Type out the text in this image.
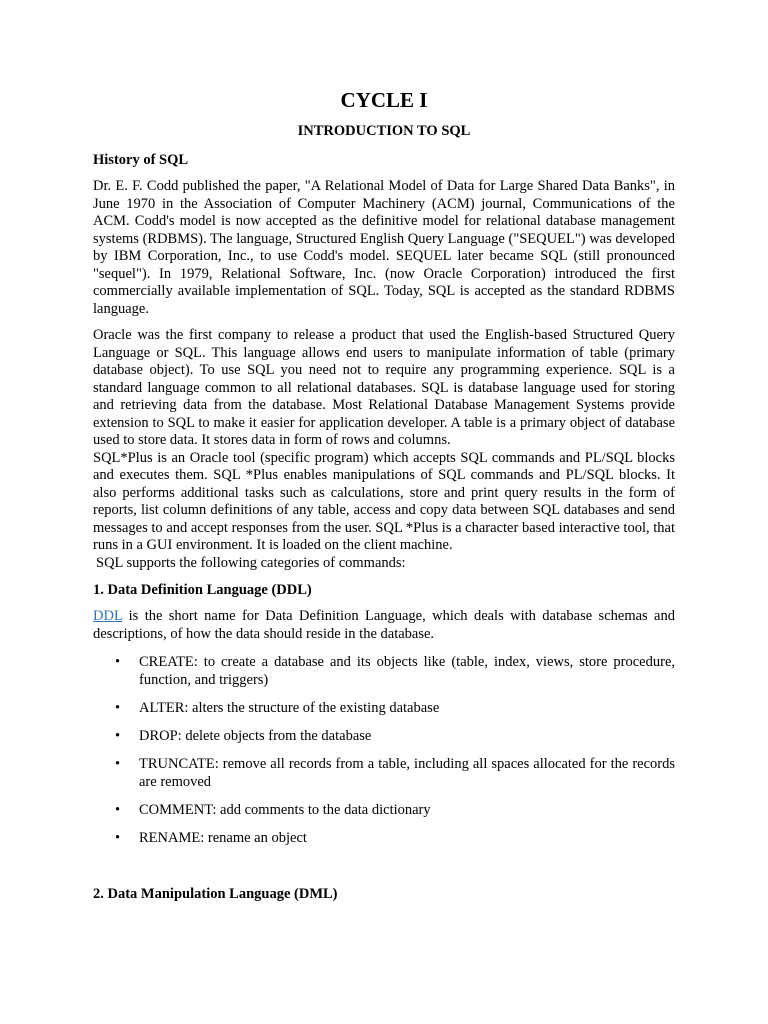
CYCLE I
INTRODUCTION TO SQL
History of SQL

Dr. E. F. Codd published the paper, "A Relational Model of Data for Large Shared Data Banks", in June 1970 in the Association of Computer Machinery (ACM) journal, Communications of the ACM. Codd's model is now accepted as the definitive model for relational database management systems (RDBMS). The language, Structured English Query Language ("SEQUEL") was developed by IBM Corporation, Inc., to use Codd's model. SEQUEL later became SQL (still pronounced "sequel"). In 1979, Relational Software, Inc. (now Oracle Corporation) introduced the first commercially available implementation of SQL. Today, SQL is accepted as the standard RDBMS language.

Oracle was the first company to release a product that used the English-based Structured Query Language or SQL. This language allows end users to manipulate information of table (primary database object). To use SQL you need not to require any programming experience. SQL is a standard language common to all relational databases. SQL is database language used for storing and retrieving data from the database. Most Relational Database Management Systems provide extension to SQL to make it easier for application developer. A table is a primary object of database used to store data. It stores data in form of rows and columns.

SQL*Plus is an Oracle tool (specific program) which accepts SQL commands and PL/SQL blocks and executes them. SQL *Plus enables manipulations of SQL commands and PL/SQL blocks. It also performs additional tasks such as calculations, store and print query results in the form of reports, list column definitions of any table, access and copy data between SQL databases and send messages to and accept responses from the user. SQL *Plus is a character based interactive tool, that runs in a GUI environment. It is loaded on the client machine.

SQL supports the following categories of commands:

1. Data Definition Language (DDL)

DDL is the short name for Data Definition Language, which deals with database schemas and descriptions, of how the data should reside in the database.

• CREATE: to create a database and its objects like (table, index, views, store procedure, function, and triggers)
• ALTER: alters the structure of the existing database
• DROP: delete objects from the database
• TRUNCATE: remove all records from a table, including all spaces allocated for the records are removed
• COMMENT: add comments to the data dictionary
• RENAME: rename an object
2. Data Manipulation Language (DML)
